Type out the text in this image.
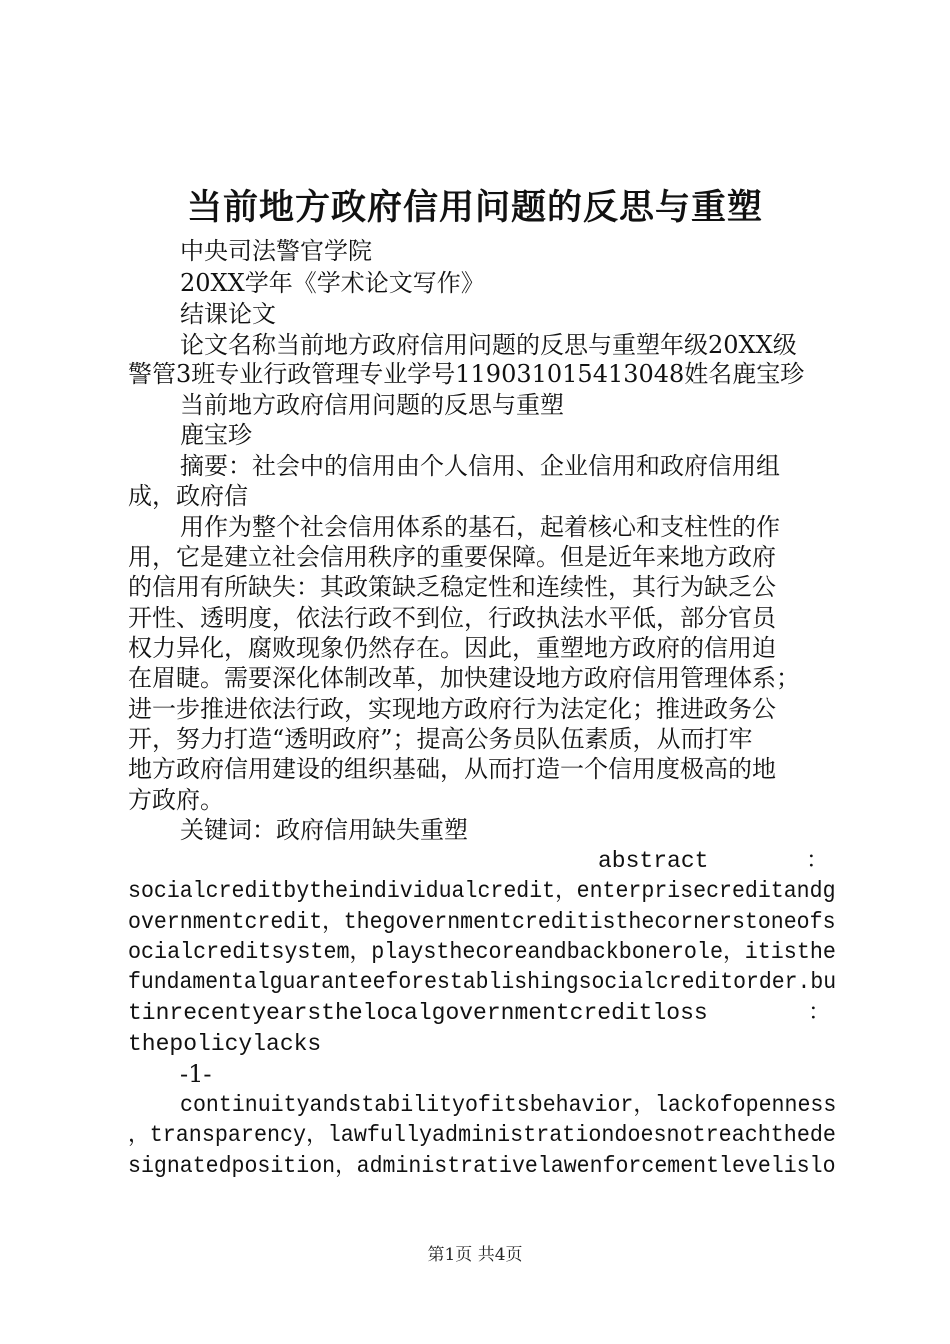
当前地方政府信用问题的反思与重塑
中央司法警官学院
20XX学年《学术论文写作》
结课论文
论文名称当前地方政府信用问题的反思与重塑年级20XX级
警管3班专业行政管理专业学号119031015413048姓名鹿宝珍
当前地方政府信用问题的反思与重塑
鹿宝珍
摘要：社会中的信用由个人信用、企业信用和政府信用组
成，政府信
用作为整个社会信用体系的基石，起着核心和支柱性的作
用，它是建立社会信用秩序的重要保障。但是近年来地方政府
的信用有所缺失：其政策缺乏稳定性和连续性，其行为缺乏公
开性、透明度，依法行政不到位，行政执法水平低，部分官员
权力异化，腐败现象仍然存在。因此，重塑地方政府的信用迫
在眉睫。需要深化体制改革，加快建设地方政府信用管理体系；
进一步推进依法行政，实现地方政府行为法定化；推进政务公
开，努力打造“透明政府”；提高公务员队伍素质，从而打牢
地方政府信用建设的组织基础，从而打造一个信用度极高的地
方政府。
关键词：政府信用缺失重塑
abstract	：
socialcreditbytheindividualcredit，enterprisecreditandg
overnmentcredit，thegovernmentcreditisthecornerstoneofs
ocialcreditsystem，playsthecoreandbackbonerole，itisthe
fundamentalguaranteeforestablishingsocialcreditorder.bu
tinrecentyearsthelocalgovernmentcreditloss	：
thepolicylacks
-1-
continuityandstabilityofitsbehavior，lackofopenness
，transparency，lawfullyadministrationdoesnotreachthede
signatedposition，administrativelawenforcementlevelislo
第1页 共4页
